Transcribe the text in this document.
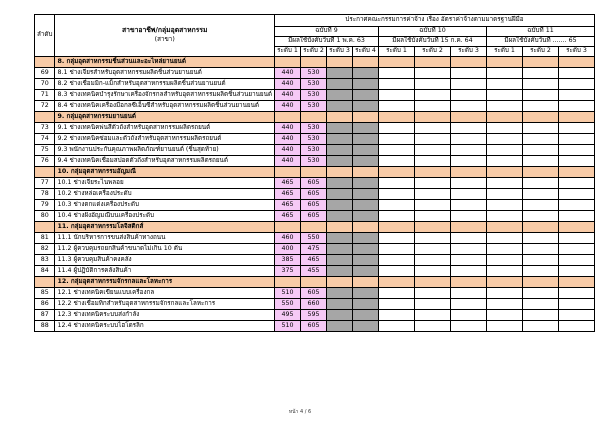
ลำดับ	สาขาอาชีพ/กลุ่มอุตสาหกรรม
(สาขา)	ประกาศคณะกรรมการค่าจ้าง เรื่อง อัตราค่าจ้างตามมาตรฐานฝีมือ									
		ฉบับที่ 9				ฉบับที่ 10			ฉบับที่ 11		
		มีผลใช้บังคับวันที่ 1 พ.ค. 63				มีผลใช้บังคับวันที่ 15 ก.ค. 64			มีผลใช้บังคับวันที่ ....... 65		
		ระดับ 1	ระดับ 2	ระดับ 3	ระดับ 4	ระดับ 1	ระดับ 2	ระดับ 3	ระดับ 1	ระดับ 2	ระดับ 3
	8. กลุ่มอุตสาหกรรมชิ้นส่วนและอะไหล่ยานยนต์										
69	8.1 ช่างเจียรสำหรับอุตสาหกรรมผลิตชิ้นส่วนยานยนต์	440	530								
70	8.2 ช่างเชื่อมมิก-แม็กสำหรับอุตสาหกรรมผลิตชิ้นส่วนยานยนต์	440	530								
71	8.3 ช่างเทคนิคบำรุงรักษาเครื่องจักรกลสำหรับอุตสาหกรรมผลิตชิ้นส่วนยานยนต์	440	530								
72	8.4 ช่างเทคนิคเครื่องมือกลซีเอ็นซีสำหรับอุตสาหกรรมผลิตชิ้นส่วนยานยนต์	440	530								
	9. กลุ่มอุตสาหกรรมยานยนต์										
73	9.1 ช่างเทคนิคพ่นสีตัวถังสำหรับอุตสาหกรรมผลิตรถยนต์	440	530								
74	9.2 ช่างเทคนิคซ่อมและตัวถังสำหรับอุตสาหกรรมผลิตรถยนต์	440	530								
75	9.3 พนักงานประกันคุณภาพผลิตภัณฑ์ยานยนต์ (ชิ้นสุดท้าย)	440	530								
76	9.4 ช่างเทคนิคเชื่อมสปอตตัวถังสำหรับอุตสาหกรรมผลิตรถยนต์	440	530								
	10. กลุ่มอุตสาหกรรมอัญมณี										
77	10.1 ช่างเจียระไนพลอย	465	605								
78	10.2 ช่างหล่อเครื่องประดับ	465	605								
79	10.3 ช่างตกแต่งเครื่องประดับ	465	605								
80	10.4 ช่างฝังอัญมณีบนเครื่องประดับ	465	605								
	11. กลุ่มอุตสาหกรรมโลจิสติกส์										
81	11.1 นักบริหารการขนส่งสินค้าทางถนน	460	550								
82	11.2 ผู้ควบคุมรถยกสินค้าขนาดไม่เกิน 10 ตัน	400	475								
83	11.3 ผู้ควบคุมสินค้าคงคลัง	385	465								
84	11.4 ผู้ปฏิบัติการคลังสินค้า	375	455								
	12. กลุ่มอุตสาหกรรมจักรกลและโลหะการ										
85	12.1 ช่างเทคนิคเขียนแบบเครื่องกล	510	605								
86	12.2 ช่างเชื่อมทิกสำหรับอุตสาหกรรมจักรกลและโลหะการ	550	660								
87	12.3 ช่างเทคนิคระบบส่งกำลัง	495	595								
88	12.4 ช่างเทคนิคระบบไฮโดรลิก	510	605								
หน้า 4 / 6
